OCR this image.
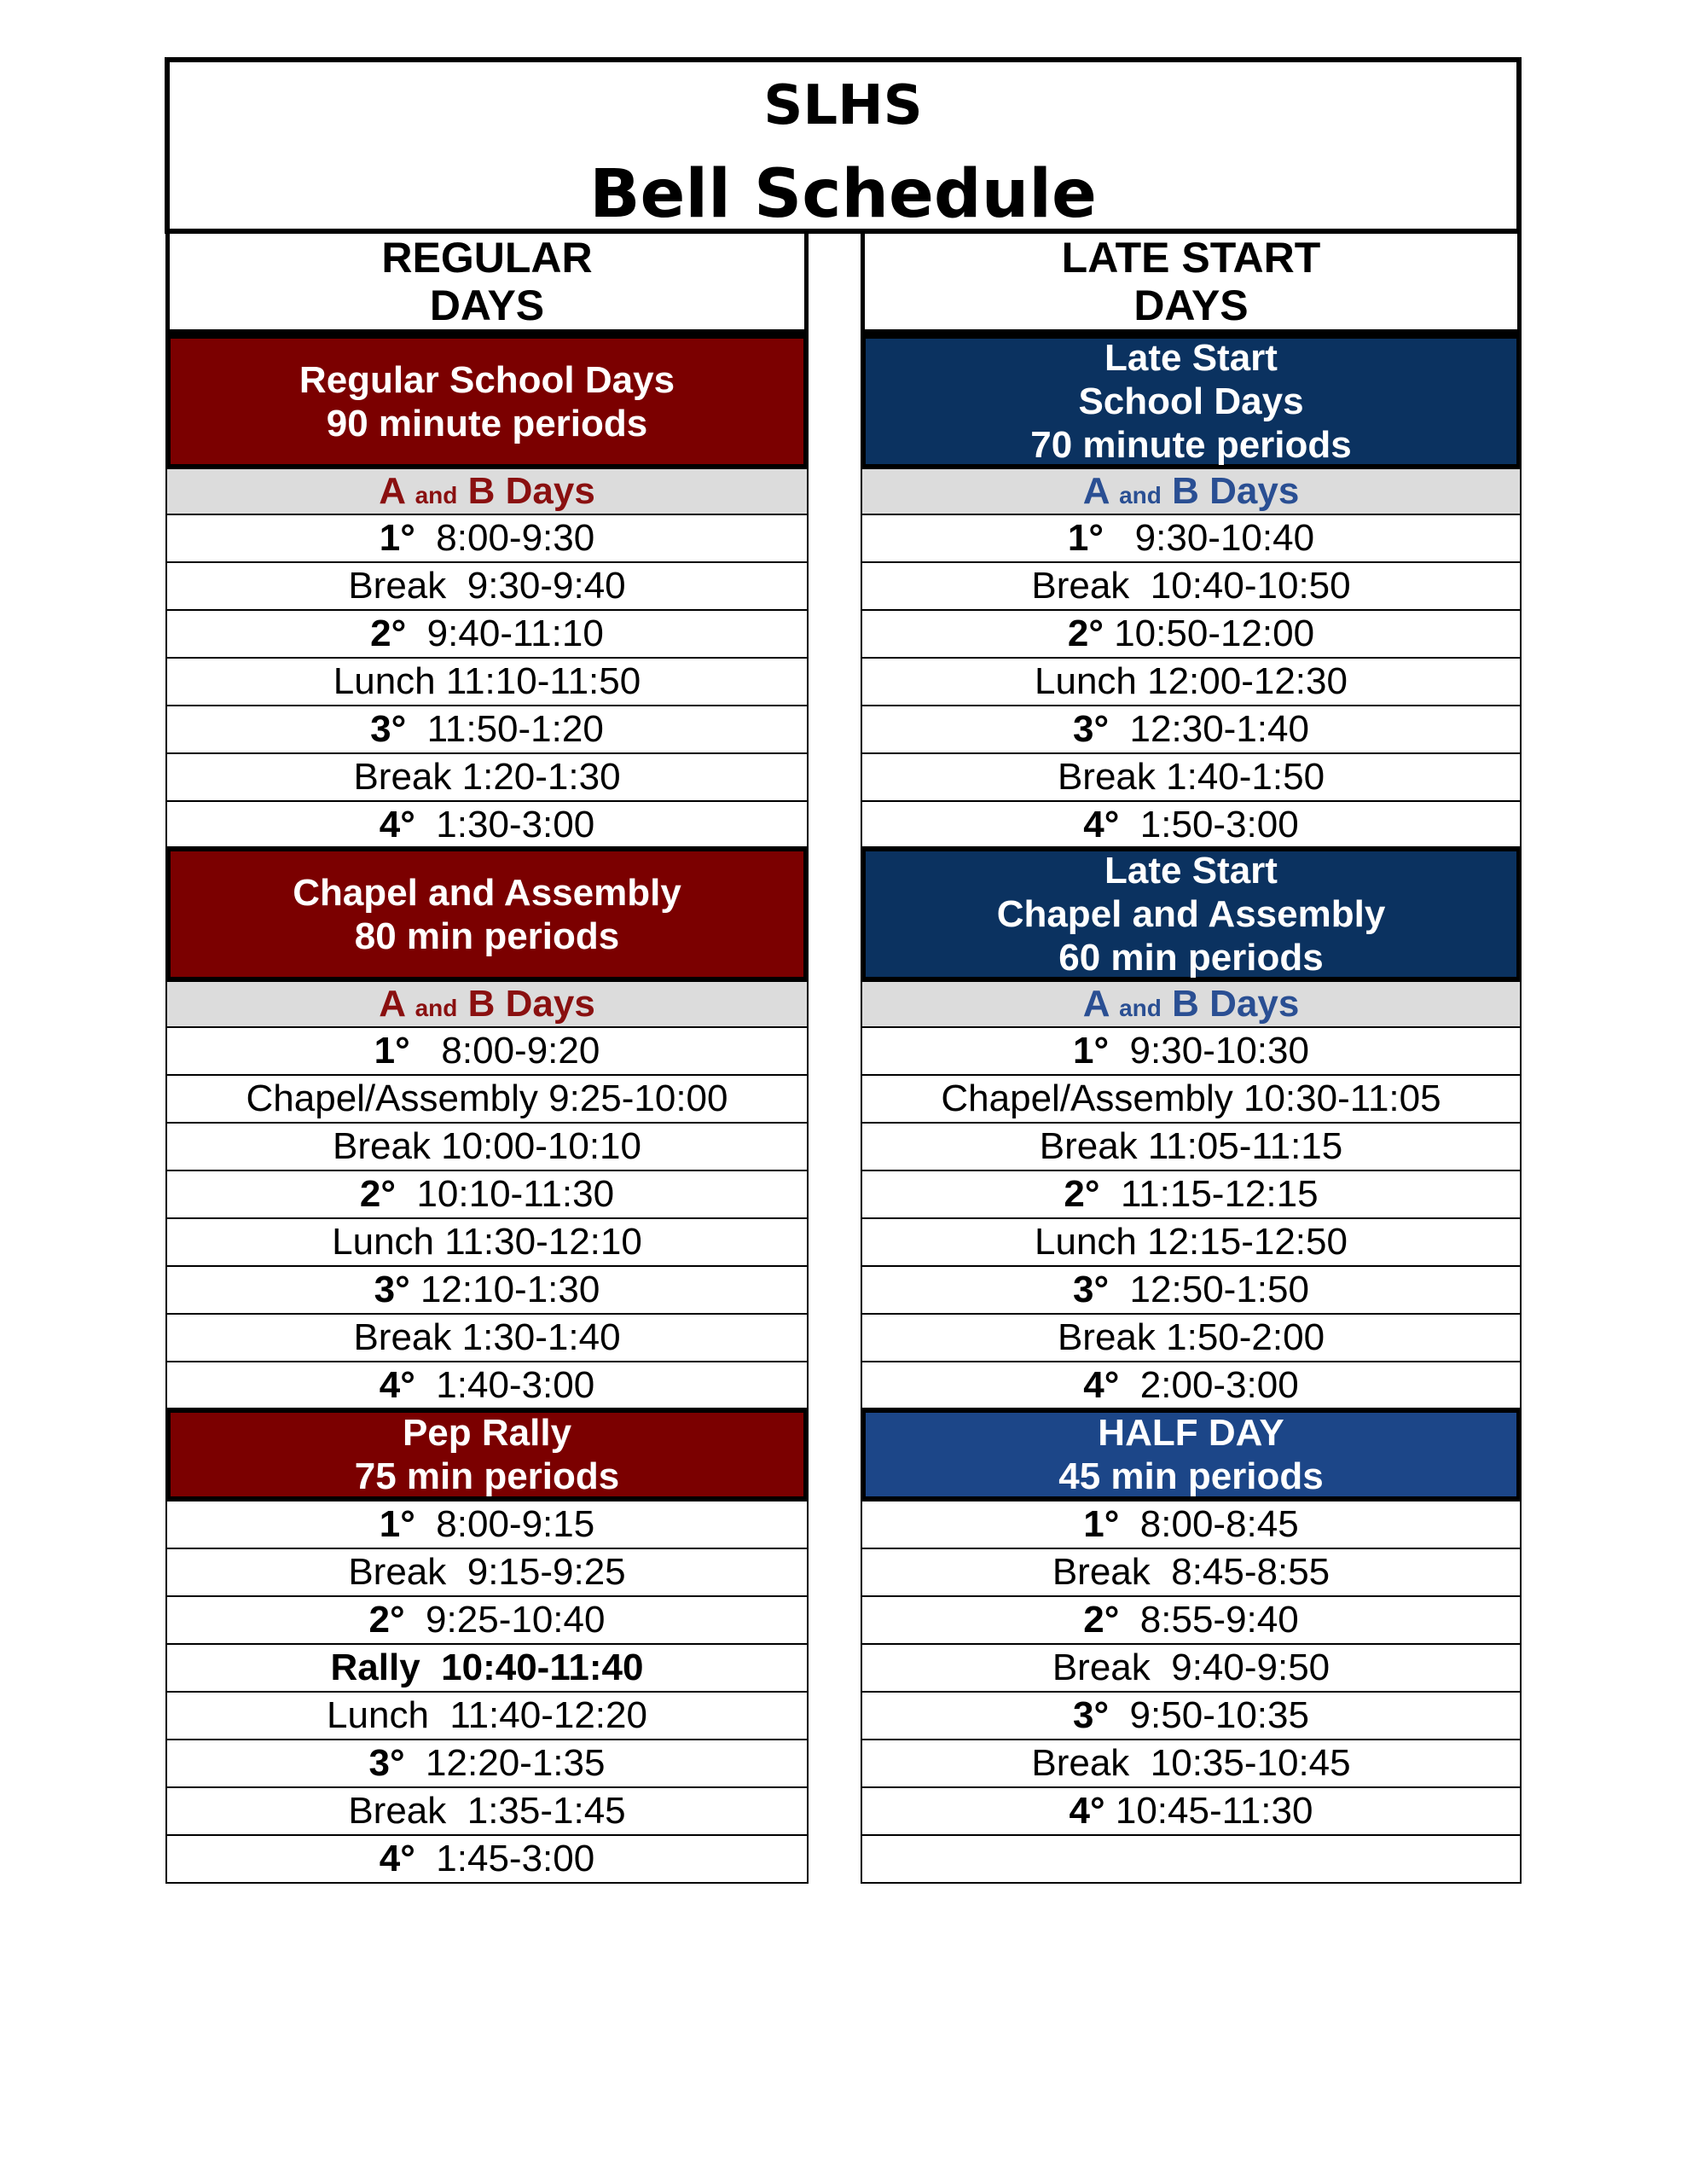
SLHS
Bell Schedule
REGULAR
DAYS
LATE START
DAYS
Regular School Days
90 minute periods
A and B Days
1°  8:00-9:30
Break  9:30-9:40
2°  9:40-11:10
Lunch 11:10-11:50
3°  11:50-1:20
Break 1:20-1:30
4°  1:30-3:00
Late Start
School Days
70 minute periods
A and B Days
1°   9:30-10:40
Break  10:40-10:50
2° 10:50-12:00
Lunch 12:00-12:30
3°  12:30-1:40
Break 1:40-1:50
4°  1:50-3:00
Chapel and Assembly
80 min periods
A and B Days
1°   8:00-9:20
Chapel/Assembly 9:25-10:00
Break 10:00-10:10
2°  10:10-11:30
Lunch 11:30-12:10
3° 12:10-1:30
Break 1:30-1:40
4°  1:40-3:00
Late Start
Chapel and Assembly
60 min periods
A and B Days
1°  9:30-10:30
Chapel/Assembly 10:30-11:05
Break 11:05-11:15
2°  11:15-12:15
Lunch 12:15-12:50
3°  12:50-1:50
Break 1:50-2:00
4°  2:00-3:00
Pep Rally
75 min periods
1°  8:00-9:15
Break  9:15-9:25
2°  9:25-10:40
Rally  10:40-11:40
Lunch  11:40-12:20
3°  12:20-1:35
Break  1:35-1:45
4°  1:45-3:00
HALF DAY
45 min periods
1°  8:00-8:45
Break  8:45-8:55
2°  8:55-9:40
Break  9:40-9:50
3°  9:50-10:35
Break  10:35-10:45
4° 10:45-11:30
